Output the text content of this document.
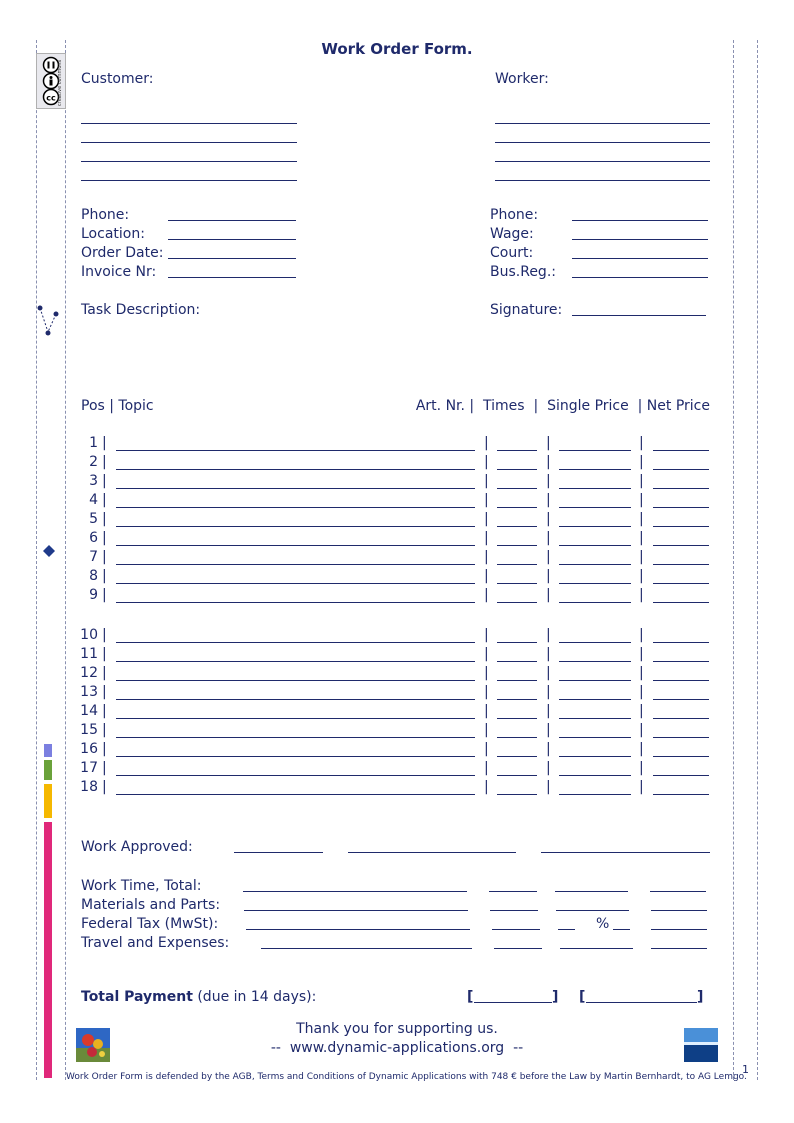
cc creative commons
Work Order Form.
Customer:	Worker:
Phone:
Location:
Order Date:
Invoice Nr:
Phone:
Wage:
Court:
Bus.Reg.:
Task Description:	Signature:
Pos | Topic	Art. Nr. |  Times  |  Single Price  | Net Price
1 |	|	|	|
2 |	|	|	|
3 |	|	|	|
4 |	|	|	|
5 |	|	|	|
6 |	|	|	|
7 |	|	|	|
8 |	|	|	|
9 |	|	|	|
10 |	|	|	|
11 |	|	|	|
12 |	|	|	|
13 |	|	|	|
14 |	|	|	|
15 |	|	|	|
16 |	|	|	|
17 |	|	|	|
18 |	|	|	|
Work Approved:
Work Time, Total:
Materials and Parts:
Federal Tax (MwSt):	%
Travel and Expenses:
Total Payment (due in 14 days):	[	] [	]
Thank you for supporting us.
--  www.dynamic-applications.org  --
Work Order Form is defended by the AGB, Terms and Conditions of Dynamic Applications with 748 € before the Law by Martin Bernhardt, to AG Lemgo.
1
